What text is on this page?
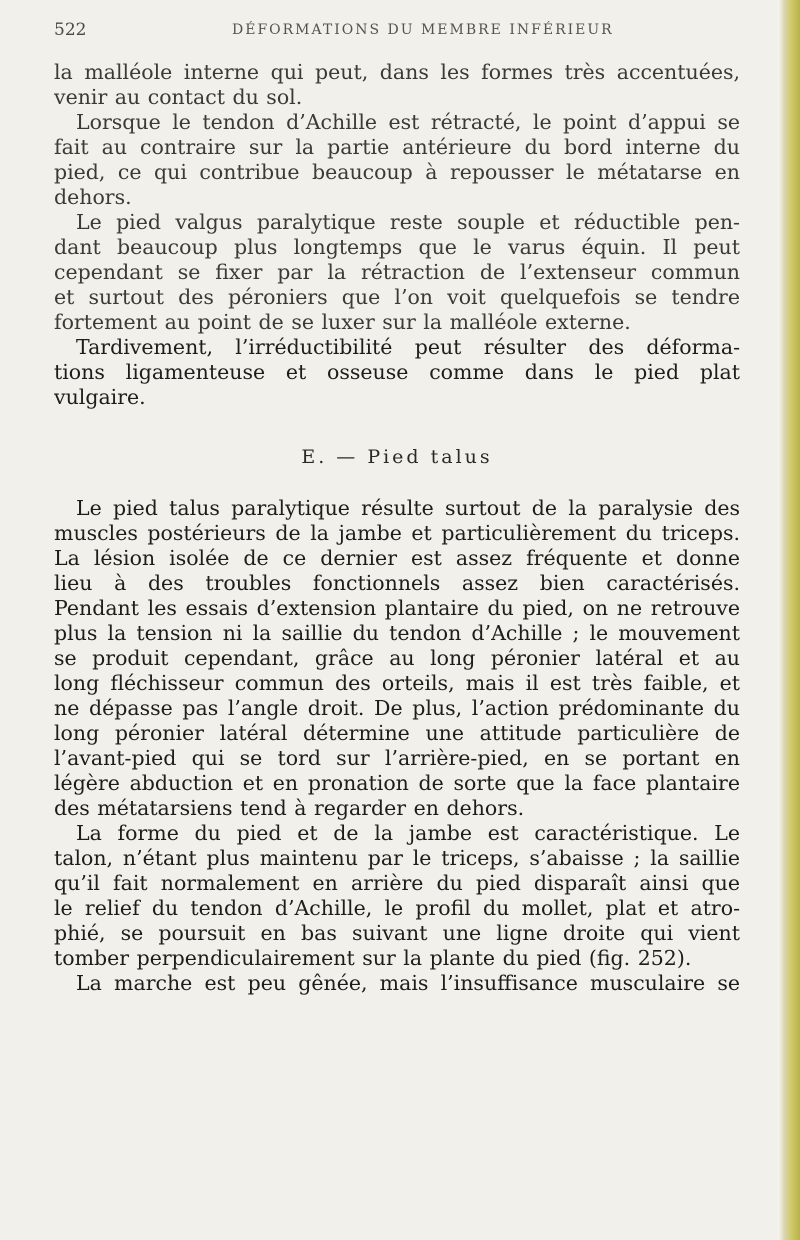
522	DÉFORMATIONS DU MEMBRE INFÉRIEUR
la malléole interne qui peut, dans les formes très accentuées,
venir au contact du sol.
Lorsque le tendon d’Achille est rétracté, le point d’appui se
fait au contraire sur la partie antérieure du bord interne du
pied, ce qui contribue beaucoup à repousser le métatarse en
dehors.
Le pied valgus paralytique reste souple et réductible pen-
dant beaucoup plus longtemps que le varus équin. Il peut
cependant se fixer par la rétraction de l’extenseur commun
et surtout des péroniers que l’on voit quelquefois se tendre
fortement au point de se luxer sur la malléole externe.
Tardivement, l’irréductibilité peut résulter des déforma-
tions ligamenteuse et osseuse comme dans le pied plat
vulgaire.
E. — Pied talus
Le pied talus paralytique résulte surtout de la paralysie des
muscles postérieurs de la jambe et particulièrement du triceps.
La lésion isolée de ce dernier est assez fréquente et donne
lieu à des troubles fonctionnels assez bien caractérisés.
Pendant les essais d’extension plantaire du pied, on ne retrouve
plus la tension ni la saillie du tendon d’Achille ; le mouvement
se produit cependant, grâce au long péronier latéral et au
long fléchisseur commun des orteils, mais il est très faible, et
ne dépasse pas l’angle droit. De plus, l’action prédominante du
long péronier latéral détermine une attitude particulière de
l’avant-pied qui se tord sur l’arrière-pied, en se portant en
légère abduction et en pronation de sorte que la face plantaire
des métatarsiens tend à regarder en dehors.
La forme du pied et de la jambe est caractéristique. Le
talon, n’étant plus maintenu par le triceps, s’abaisse ; la saillie
qu’il fait normalement en arrière du pied disparaît ainsi que
le relief du tendon d’Achille, le profil du mollet, plat et atro-
phié, se poursuit en bas suivant une ligne droite qui vient
tomber perpendiculairement sur la plante du pied (fig. 252).
La marche est peu gênée, mais l’insuffisance musculaire se
